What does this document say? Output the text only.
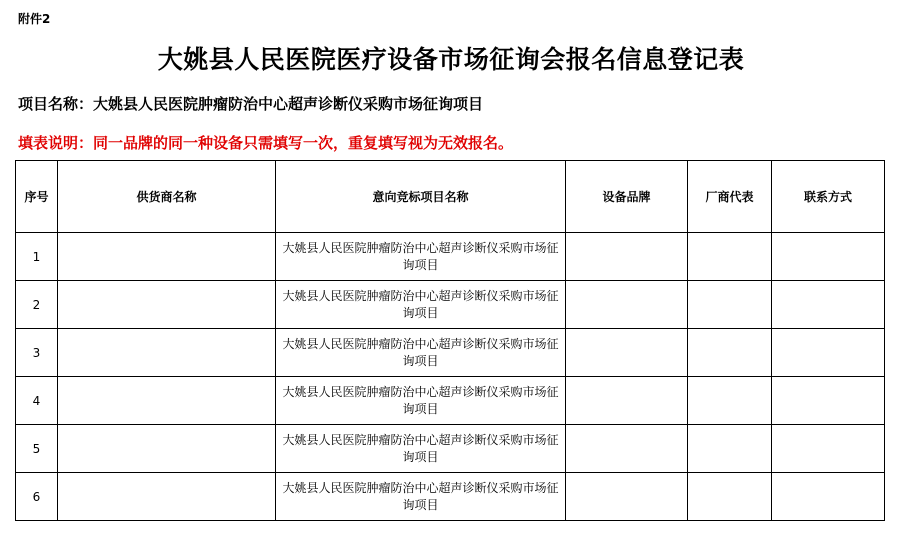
附件2
大姚县人民医院医疗设备市场征询会报名信息登记表
项目名称：大姚县人民医院肿瘤防治中心超声诊断仪采购市场征询项目
填表说明：同一品牌的同一种设备只需填写一次，重复填写视为无效报名。
序号	供货商名称	意向竞标项目名称	设备品牌	厂商代表	联系方式
1		大姚县人民医院肿瘤防治中心超声诊断仪采购市场征询项目			
2		大姚县人民医院肿瘤防治中心超声诊断仪采购市场征询项目			
3		大姚县人民医院肿瘤防治中心超声诊断仪采购市场征询项目			
4		大姚县人民医院肿瘤防治中心超声诊断仪采购市场征询项目			
5		大姚县人民医院肿瘤防治中心超声诊断仪采购市场征询项目			
6		大姚县人民医院肿瘤防治中心超声诊断仪采购市场征询项目			
